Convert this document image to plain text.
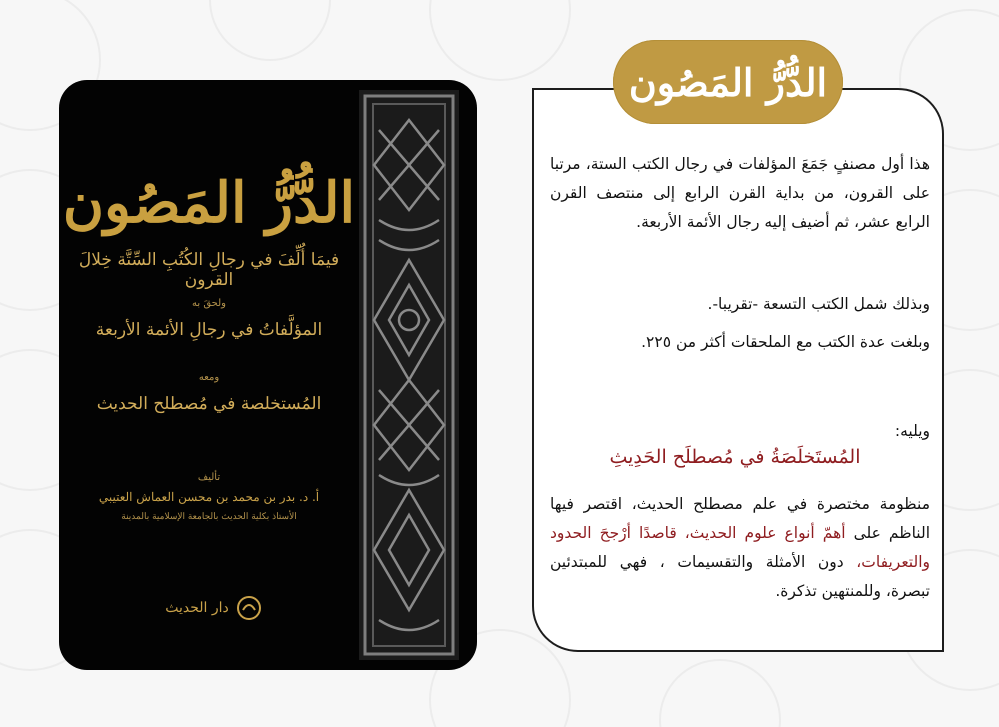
الدُّرُّ المَصُون
فيمَا أُلِّفَ في رجالِ الكُتُبِ السِّتَّة خِلالَ القرون
ولحقَ به
المؤلَّفاتُ في رجالِ الأئمة الأربعة
ومعه
المُستخلصة في مُصطلح الحديث
تأليف
أ. د. بدر بن محمد بن محسن العماش العتيبي
الأستاذ بكلية الحديث بالجامعة الإسلامية بالمدينة
دار الحديث
الدُّرُّ المَصُون

هذا أول مصنفٍ جَمَعَ المؤلفات في رجال الكتب الستة، مرتبا على القرون، من بداية القرن الرابع إلى منتصف القرن الرابع عشر، ثم أضيف إليه رجال الأئمة الأربعة.

وبذلك شمل الكتب التسعة -تقريبا-.
وبلغت عدة الكتب مع الملحقات أكثر من ٢٢٥.
ويليه:
المُستَخلَصَةُ في مُصطلَح الحَدِيثِ
منظومة مختصرة في علم مصطلح الحديث، اقتصر فيها الناظم على أهمّ أنواع علوم الحديث، قاصدًا أرْجحَ الحدود والتعريفات، دون الأمثلة والتقسيمات ، فهي للمبتدئين تبصرة، وللمنتهين تذكرة.
